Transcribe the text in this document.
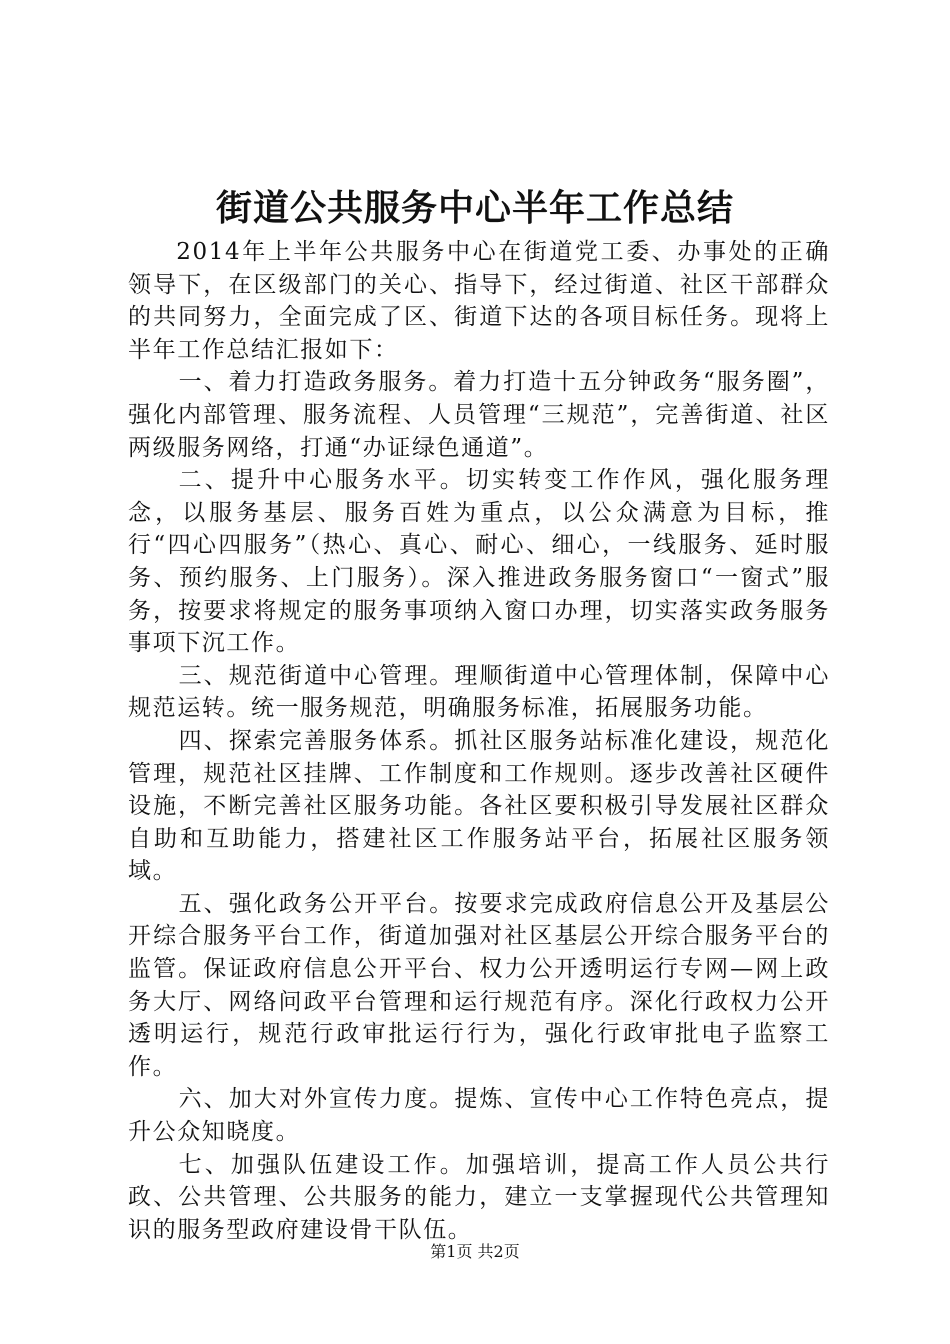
街道公共服务中心半年工作总结

2014年上半年公共服务中心在街道党工委、办事处的正确领导下，在区级部门的关心、指导下，经过街道、社区干部群众的共同努力，全面完成了区、街道下达的各项目标任务。现将上半年工作总结汇报如下：

一、着力打造政务服务。着力打造十五分钟政务“服务圈”，强化内部管理、服务流程、人员管理“三规范”，完善街道、社区两级服务网络，打通“办证绿色通道”。

二、提升中心服务水平。切实转变工作作风，强化服务理念，以服务基层、服务百姓为重点，以公众满意为目标，推行“四心四服务”（热心、真心、耐心、细心，一线服务、延时服务、预约服务、上门服务）。深入推进政务服务窗口“一窗式”服务，按要求将规定的服务事项纳入窗口办理，切实落实政务服务事项下沉工作。

三、规范街道中心管理。理顺街道中心管理体制，保障中心规范运转。统一服务规范，明确服务标准，拓展服务功能。

四、探索完善服务体系。抓社区服务站标准化建设，规范化管理，规范社区挂牌、工作制度和工作规则。逐步改善社区硬件设施，不断完善社区服务功能。各社区要积极引导发展社区群众自助和互助能力，搭建社区工作服务站平台，拓展社区服务领域。

五、强化政务公开平台。按要求完成政府信息公开及基层公开综合服务平台工作，街道加强对社区基层公开综合服务平台的监管。保证政府信息公开平台、权力公开透明运行专网—网上政务大厅、网络问政平台管理和运行规范有序。深化行政权力公开透明运行，规范行政审批运行行为，强化行政审批电子监察工作。

六、加大对外宣传力度。提炼、宣传中心工作特色亮点，提升公众知晓度。

七、加强队伍建设工作。加强培训，提高工作人员公共行政、公共管理、公共服务的能力，建立一支掌握现代公共管理知识的服务型政府建设骨干队伍。

第1页 共2页
